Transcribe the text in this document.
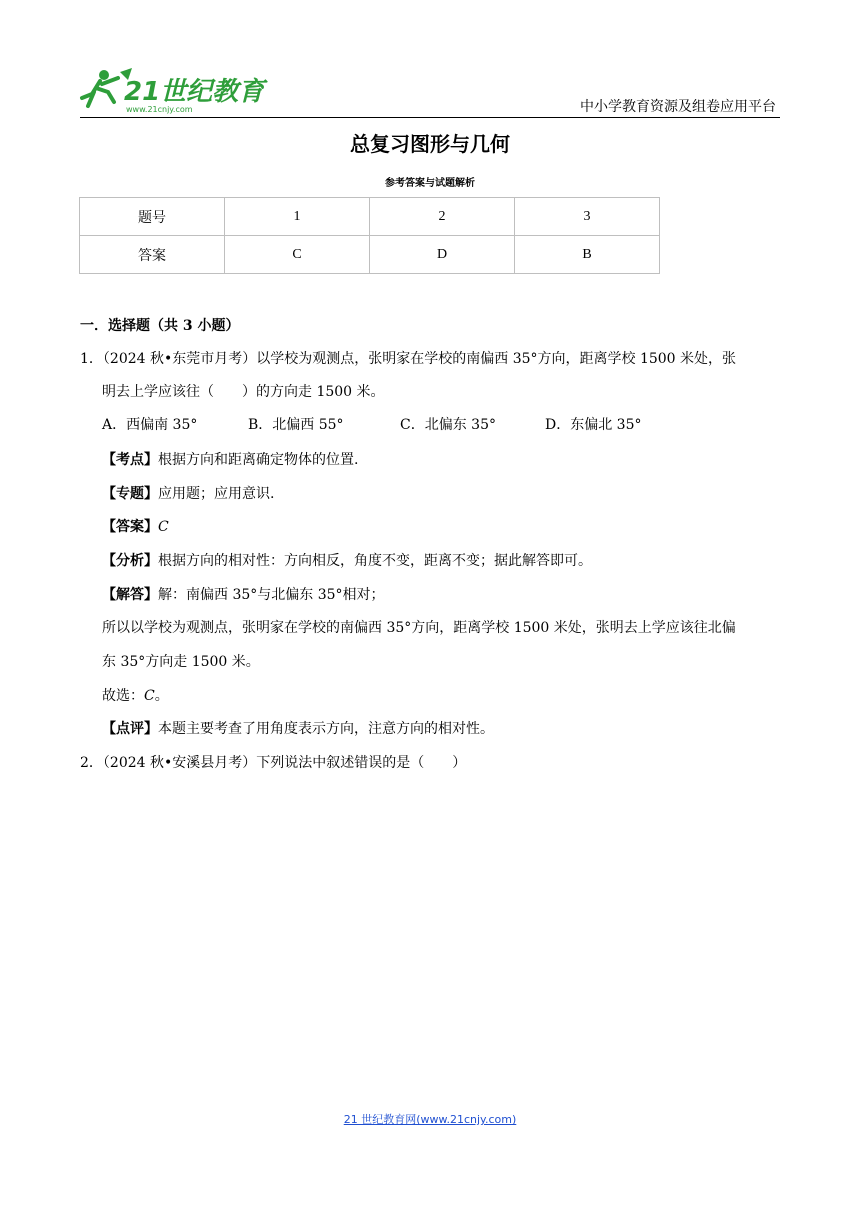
21世纪教育
www.21cnjy.com	中小学教育资源及组卷应用平台
总复习图形与几何
参考答案与试题解析
题号	1	2	3
答案	C	D	B
一．选择题（共 3 小题）
1．（2024 秋•东莞市月考）以学校为观测点，张明家在学校的南偏西 35°方向，距离学校 1500 米处，张
明去上学应该往（　　）的方向走 1500 米。
A．西偏南 35°	B．北偏西 55°	C．北偏东 35°	D．东偏北 35°
【考点】根据方向和距离确定物体的位置.
【专题】应用题；应用意识.
【答案】C
【分析】根据方向的相对性：方向相反，角度不变，距离不变；据此解答即可。
【解答】解：南偏西 35°与北偏东 35°相对；
所以以学校为观测点，张明家在学校的南偏西 35°方向，距离学校 1500 米处，张明去上学应该往北偏
东 35°方向走 1500 米。
故选：C。
【点评】本题主要考查了用角度表示方向，注意方向的相对性。
2．（2024 秋•安溪县月考）下列说法中叙述错误的是（　　）
21 世纪教育网(www.21cnjy.com)
